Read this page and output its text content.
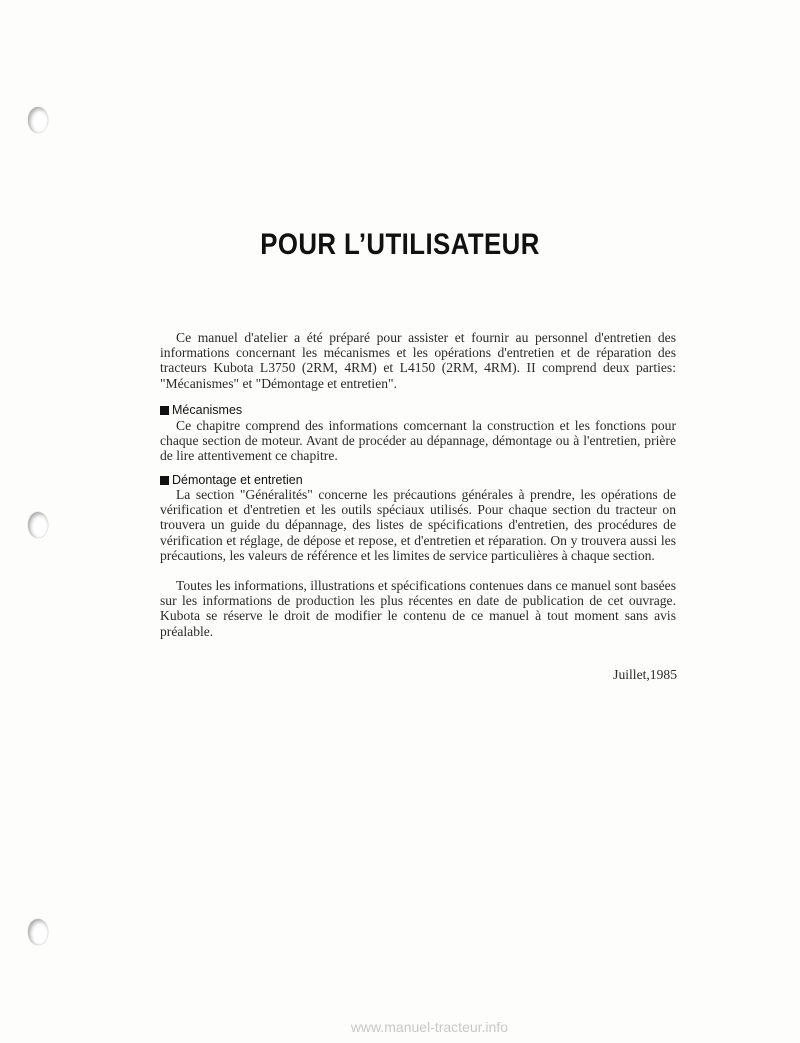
POUR L’UTILISATEUR
Ce manuel d'atelier a été préparé pour assister et fournir au personnel d'entretien des informations concernant les mécanismes et les opérations d'entretien et de réparation des tracteurs Kubota L3750 (2RM, 4RM) et L4150 (2RM, 4RM). II comprend deux parties: "Mécanismes" et "Démontage et entretien".
Mécanismes
Ce chapitre comprend des informations comcernant la construction et les fonctions pour chaque section de moteur. Avant de procéder au dépannage, démontage ou à l'entretien, prière de lire attentivement ce chapitre.
Démontage et entretien
La section "Généralités" concerne les précautions générales à prendre, les opérations de vérification et d'entretien et les outils spéciaux utilisés. Pour chaque section du tracteur on trouvera un guide du dépannage, des listes de spécifications d'entretien, des procédures de vérification et réglage, de dépose et repose, et d'entretien et réparation. On y trouvera aussi les précautions, les valeurs de référence et les limites de service particulières à chaque section.
Toutes les informations, illustrations et spécifications contenues dans ce manuel sont basées sur les informations de production les plus récentes en date de publication de cet ouvrage. Kubota se réserve le droit de modifier le contenu de ce manuel à tout moment sans avis préalable.
Juillet,1985
www.manuel-tracteur.info
